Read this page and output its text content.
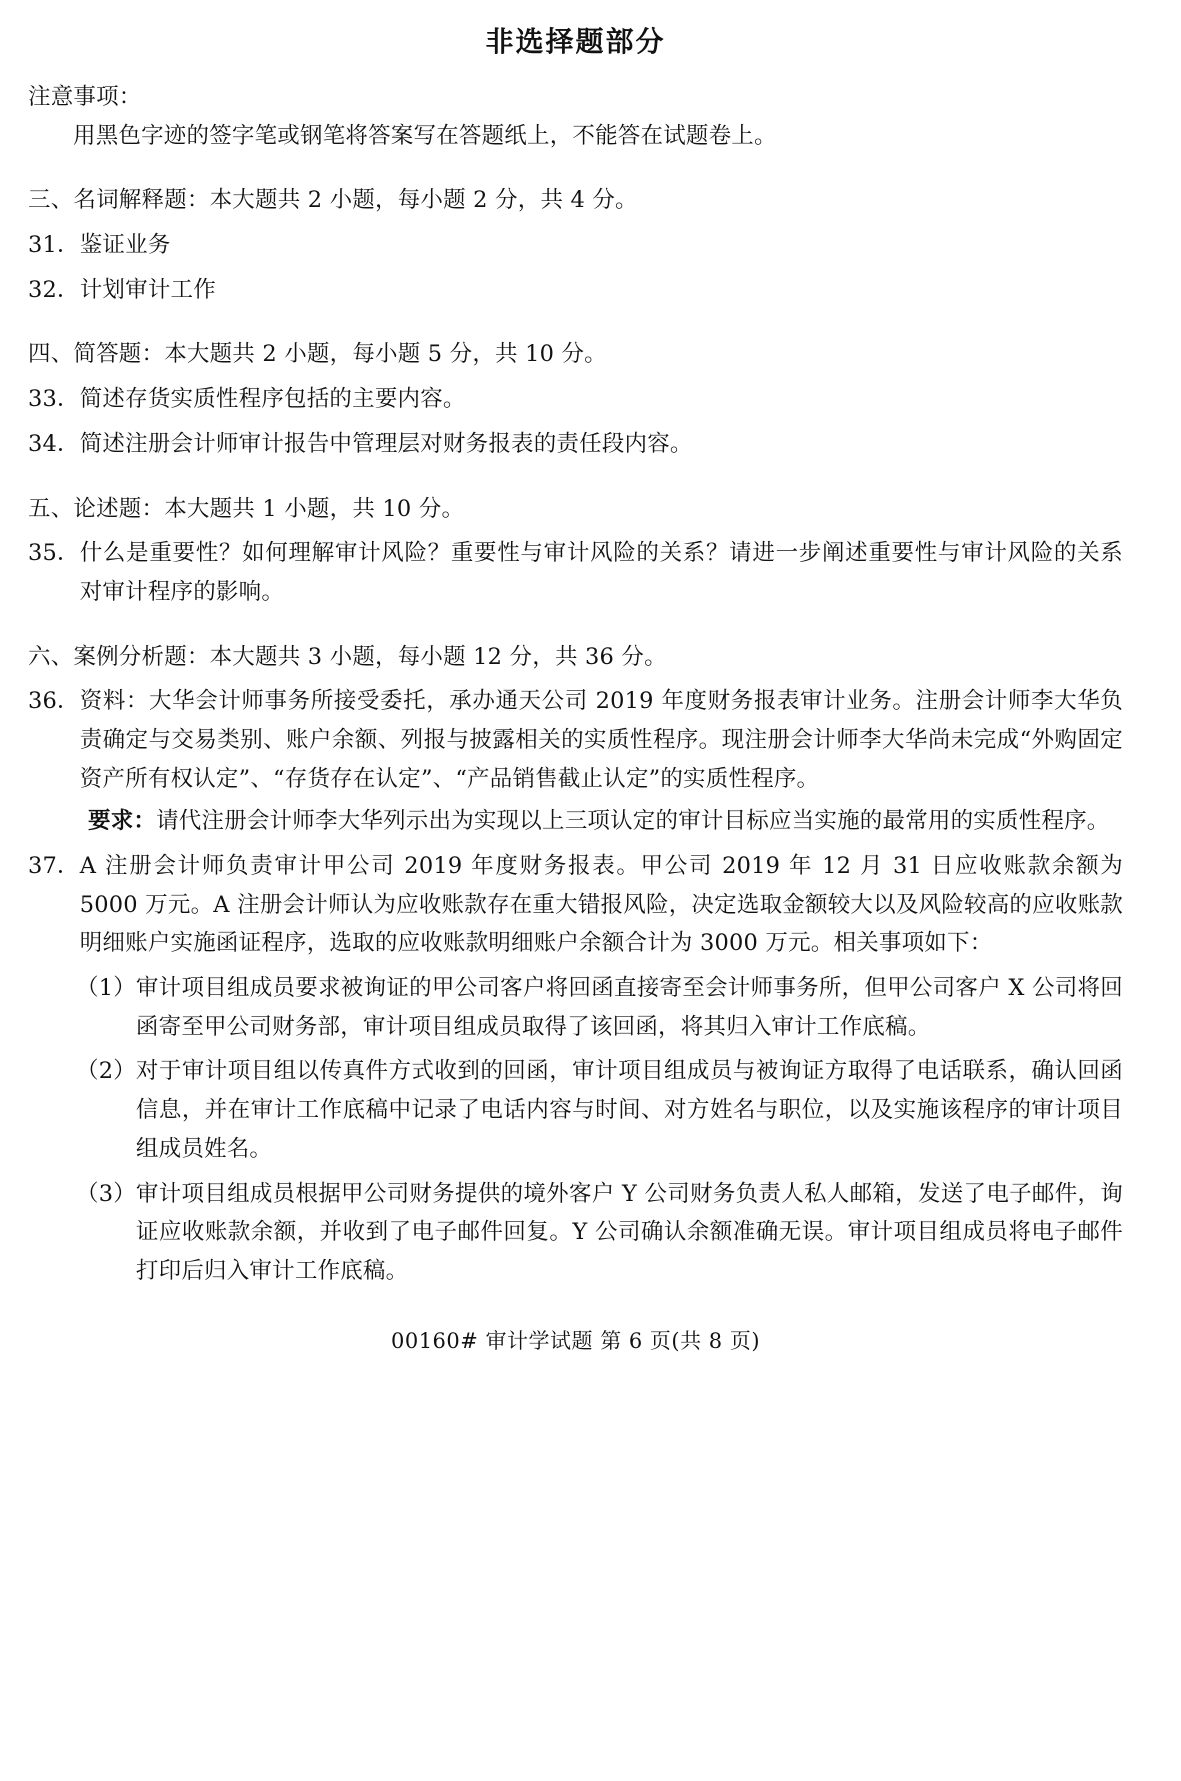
非选择题部分

注意事项：

用黑色字迹的签字笔或钢笔将答案写在答题纸上，不能答在试题卷上。

三、名词解释题：本大题共 2 小题，每小题 2 分，共 4 分。

31．鉴证业务

32．计划审计工作

四、简答题：本大题共 2 小题，每小题 5 分，共 10 分。

33．简述存货实质性程序包括的主要内容。

34．简述注册会计师审计报告中管理层对财务报表的责任段内容。

五、论述题：本大题共 1 小题，共 10 分。

35． 什么是重要性？如何理解审计风险？重要性与审计风险的关系？请进一步阐述重要性与审计风险的关系对审计程序的影响。

六、案例分析题：本大题共 3 小题，每小题 12 分，共 36 分。

36． 资料：大华会计师事务所接受委托，承办通天公司 2019 年度财务报表审计业务。注册会计师李大华负责确定与交易类别、账户余额、列报与披露相关的实质性程序。现注册会计师李大华尚未完成“外购固定资产所有权认定”、“存货存在认定”、“产品销售截止认定”的实质性程序。
要求： 请代注册会计师李大华列示出为实现以上三项认定的审计目标应当实施的最常用的实质性程序。
37． A 注册会计师负责审计甲公司 2019 年度财务报表。甲公司 2019 年 12 月 31 日应收账款余额为 5000 万元。A 注册会计师认为应收账款存在重大错报风险，决定选取金额较大以及风险较高的应收账款明细账户实施函证程序，选取的应收账款明细账户余额合计为 3000 万元。相关事项如下：
（1） 审计项目组成员要求被询证的甲公司客户将回函直接寄至会计师事务所，但甲公司客户 X 公司将回函寄至甲公司财务部，审计项目组成员取得了该回函，将其归入审计工作底稿。
（2） 对于审计项目组以传真件方式收到的回函，审计项目组成员与被询证方取得了电话联系，确认回函信息，并在审计工作底稿中记录了电话内容与时间、对方姓名与职位，以及实施该程序的审计项目组成员姓名。
（3） 审计项目组成员根据甲公司财务提供的境外客户 Y 公司财务负责人私人邮箱，发送了电子邮件，询证应收账款余额，并收到了电子邮件回复。Y 公司确认余额准确无误。审计项目组成员将电子邮件打印后归入审计工作底稿。
00160# 审计学试题 第 6 页(共 8 页)
